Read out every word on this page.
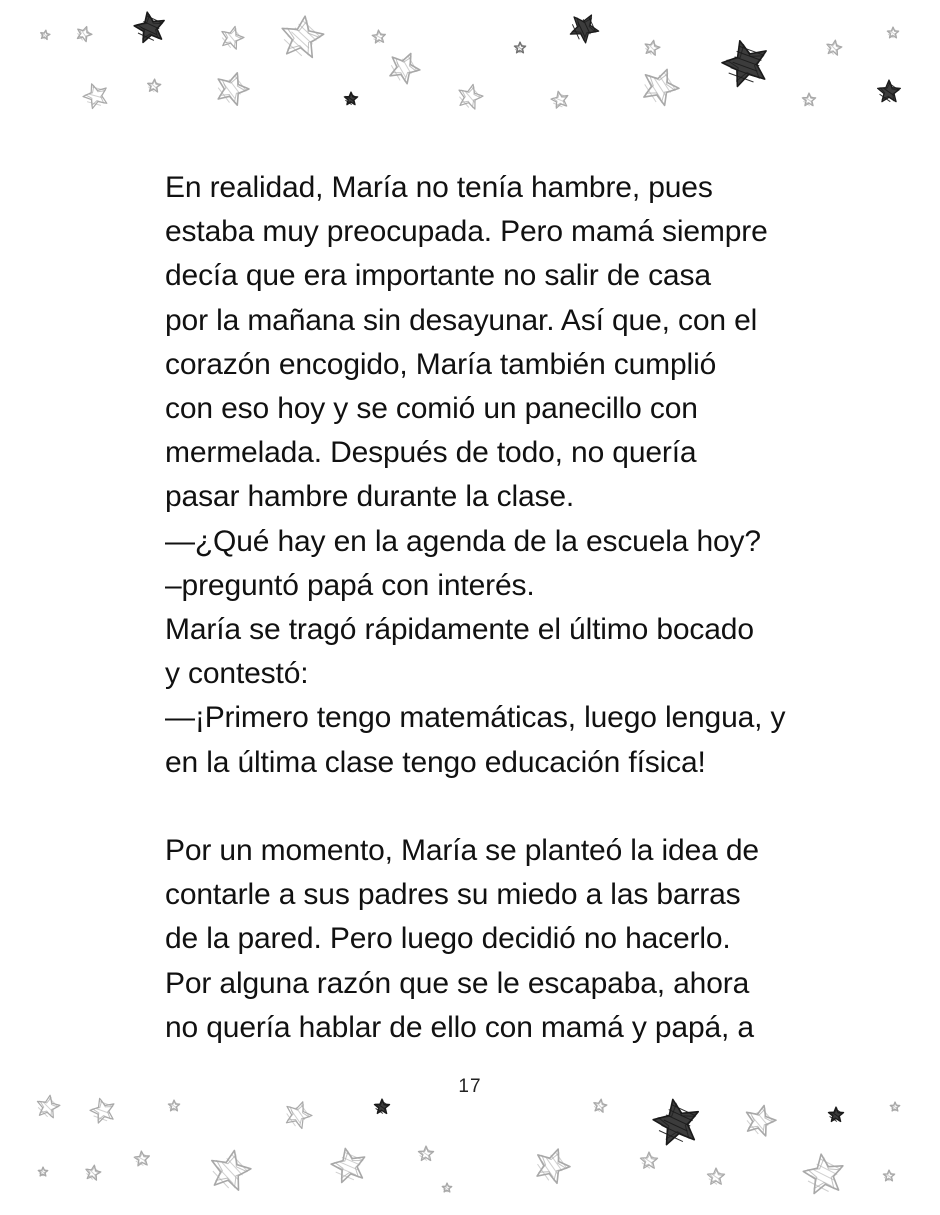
En realidad, María no tenía hambre, pues
estaba muy preocupada. Pero mamá siempre
decía que era importante no salir de casa
por la mañana sin desayunar. Así que, con el
corazón encogido, María también cumplió
con eso hoy y se comió un panecillo con
mermelada. Después de todo, no quería
pasar hambre durante la clase.
—¿Qué hay en la agenda de la escuela hoy?
–preguntó papá con interés.
María se tragó rápidamente el último bocado
y contestó:
—¡Primero tengo matemáticas, luego lengua, y
en la última clase tengo educación física!
Por un momento, María se planteó la idea de
contarle a sus padres su miedo a las barras
de la pared. Pero luego decidió no hacerlo.
Por alguna razón que se le escapaba, ahora
no quería hablar de ello con mamá y papá, a
17
